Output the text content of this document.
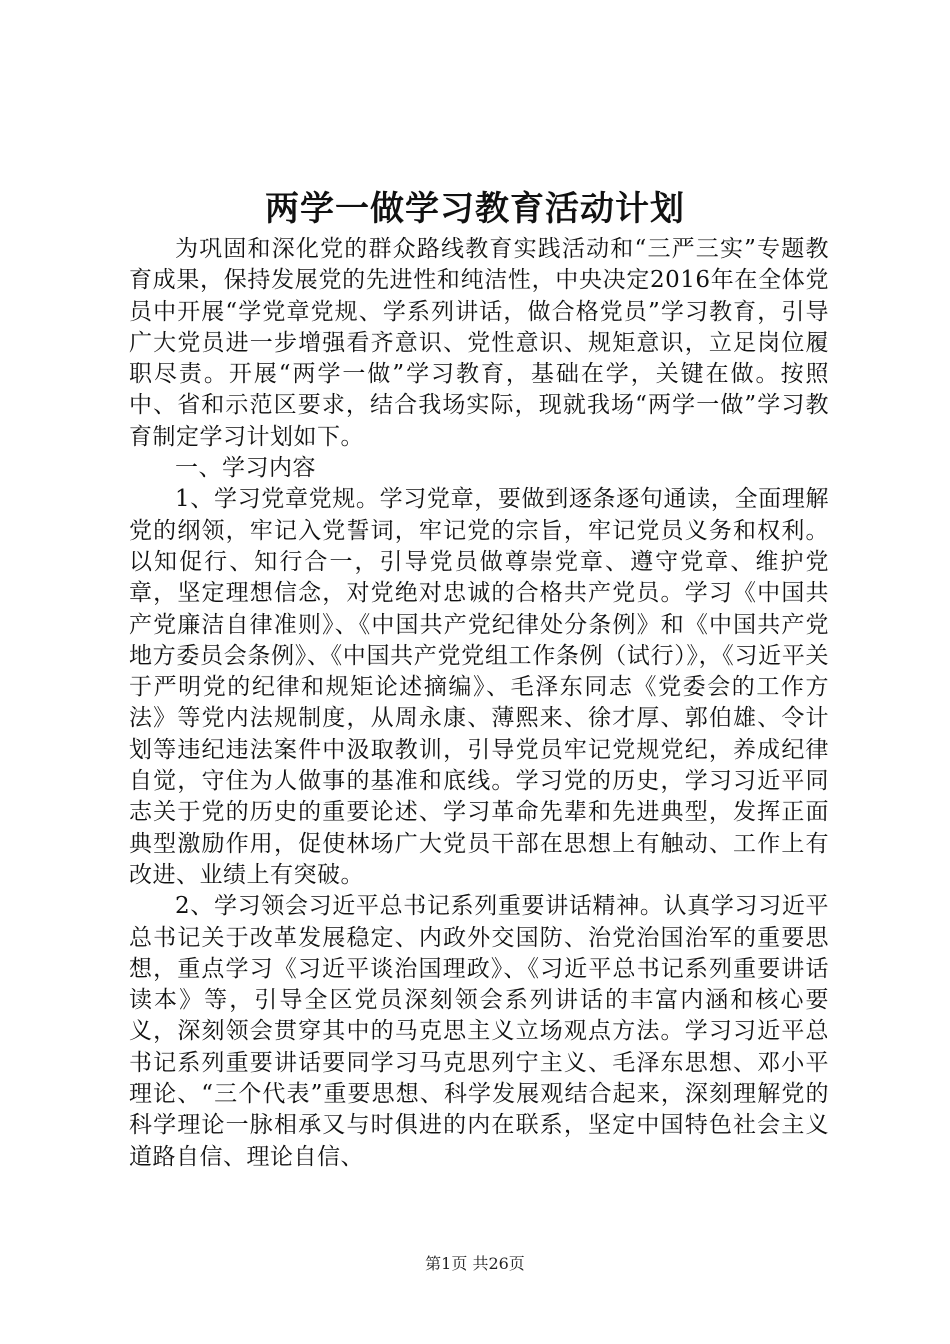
两学一做学习教育活动计划

为巩固和深化党的群众路线教育实践活动和“三严三实”专题教育成果，保持发展党的先进性和纯洁性，中央决定2016年在全体党员中开展“学党章党规、学系列讲话，做合格党员”学习教育，引导广大党员进一步增强看齐意识、党性意识、规矩意识，立足岗位履职尽责。开展“两学一做”学习教育，基础在学，关键在做。按照中、省和示范区要求，结合我场实际，现就我场“两学一做”学习教育制定学习计划如下。

一、学习内容

1、学习党章党规。学习党章，要做到逐条逐句通读，全面理解党的纲领，牢记入党誓词，牢记党的宗旨，牢记党员义务和权利。以知促行、知行合一，引导党员做尊崇党章、遵守党章、维护党章，坚定理想信念，对党绝对忠诚的合格共产党员。学习《中国共产党廉洁自律准则》、《中国共产党纪律处分条例》和《中国共产党地方委员会条例》、《中国共产党党组工作条例（试行）》，《习近平关于严明党的纪律和规矩论述摘编》、毛泽东同志《党委会的工作方法》等党内法规制度，从周永康、薄熙来、徐才厚、郭伯雄、令计划等违纪违法案件中汲取教训，引导党员牢记党规党纪，养成纪律自觉，守住为人做事的基准和底线。学习党的历史，学习习近平同志关于党的历史的重要论述、学习革命先辈和先进典型，发挥正面典型激励作用，促使林场广大党员干部在思想上有触动、工作上有改进、业绩上有突破。

2、学习领会习近平总书记系列重要讲话精神。认真学习习近平总书记关于改革发展稳定、内政外交国防、治党治国治军的重要思想，重点学习《习近平谈治国理政》、《习近平总书记系列重要讲话读本》等，引导全区党员深刻领会系列讲话的丰富内涵和核心要义，深刻领会贯穿其中的马克思主义立场观点方法。学习习近平总书记系列重要讲话要同学习马克思列宁主义、毛泽东思想、邓小平理论、“三个代表”重要思想、科学发展观结合起来，深刻理解党的科学理论一脉相承又与时俱进的内在联系，坚定中国特色社会主义道路自信、理论自信、

第1页 共26页
